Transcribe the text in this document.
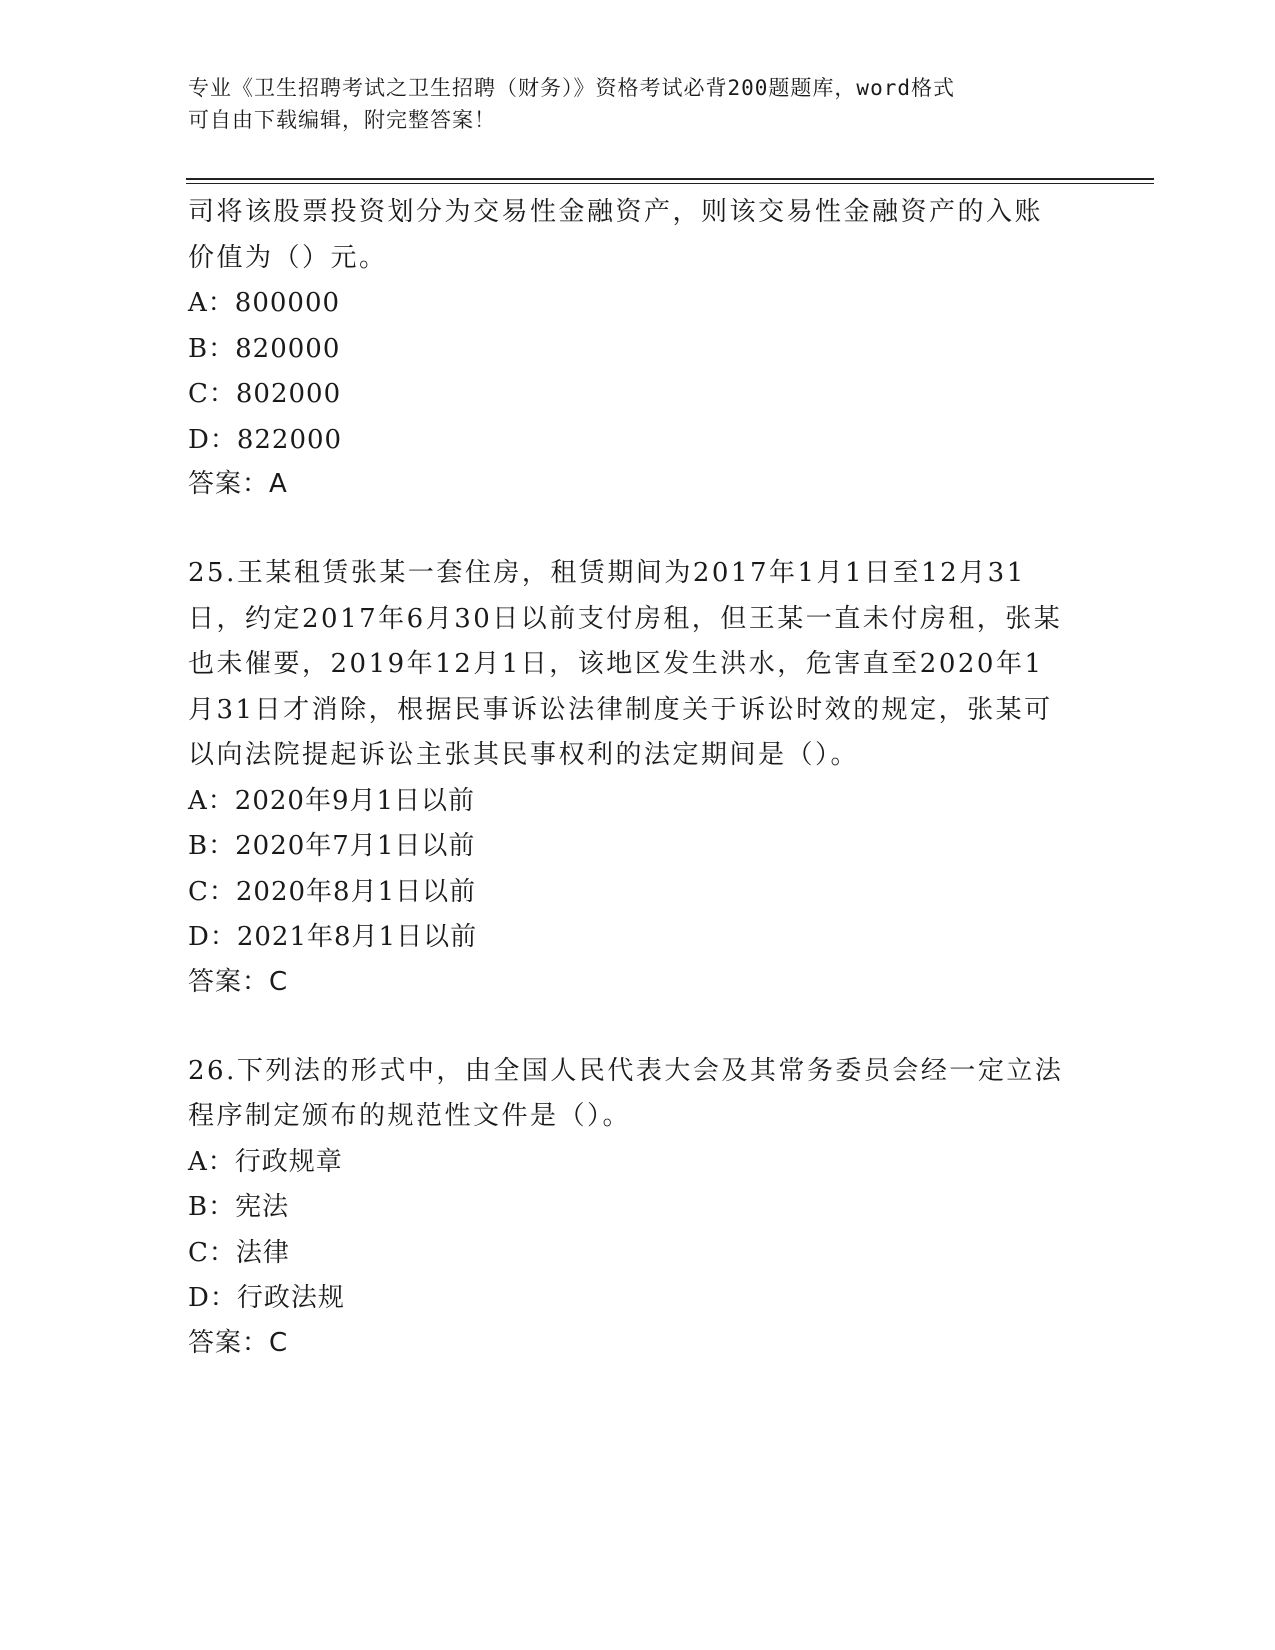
专业《卫生招聘考试之卫生招聘（财务）》资格考试必背200题题库，word格式
可自由下载编辑，附完整答案！

司将该股票投资划分为交易性金融资产，则该交易性金融资产的入账价值为（）元。

A：800000

B：820000

C：802000

D：822000

答案：A

25.王某租赁张某一套住房，租赁期间为2017年1月1日至12月31日，约定2017年6月30日以前支付房租，但王某一直未付房租，张某也未催要，2019年12月1日，该地区发生洪水，危害直至2020年1月31日才消除，根据民事诉讼法律制度关于诉讼时效的规定，张某可以向法院提起诉讼主张其民事权利的法定期间是（）。

A：2020年9月1日以前

B：2020年7月1日以前

C：2020年8月1日以前

D：2021年8月1日以前

答案：C

26.下列法的形式中，由全国人民代表大会及其常务委员会经一定立法程序制定颁布的规范性文件是（）。

A：行政规章

B：宪法

C：法律

D：行政法规

答案：C
